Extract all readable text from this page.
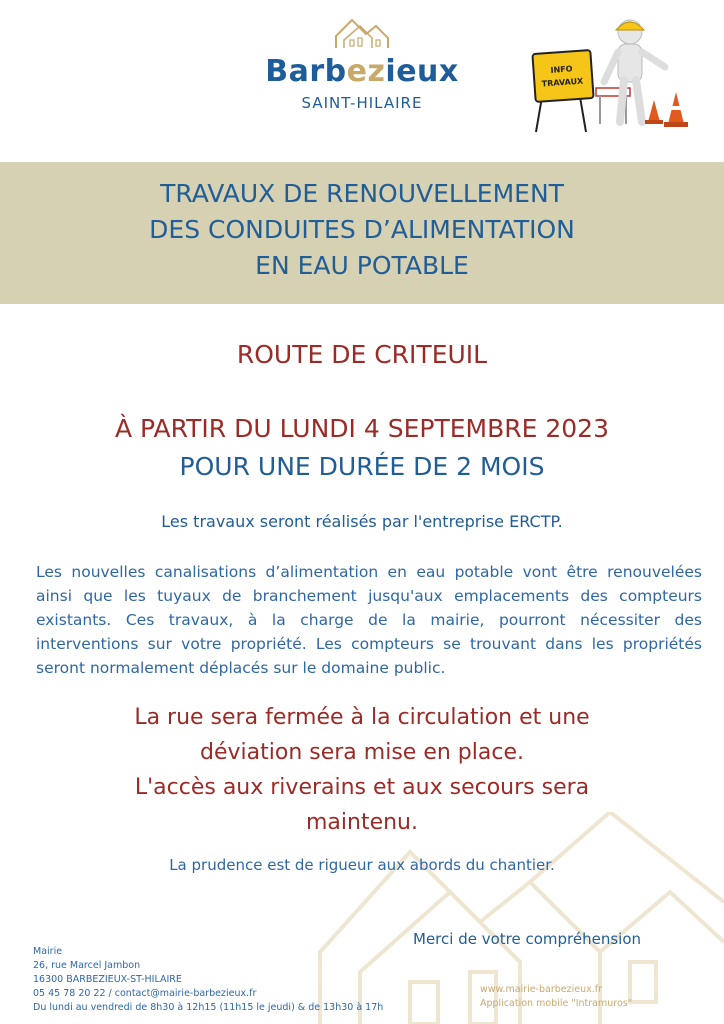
Barbezieux
SAINT-HILAIRE
INFO
TRAVAUX
TRAVAUX DE RENOUVELLEMENT
DES CONDUITES D’ALIMENTATION
EN EAU POTABLE
ROUTE DE CRITEUIL
À PARTIR DU LUNDI 4 SEPTEMBRE 2023
POUR UNE DURÉE DE 2 MOIS
Les travaux seront réalisés par l'entreprise ERCTP.
Les nouvelles canalisations d’alimentation en eau potable vont être renouvelées ainsi que les tuyaux de branchement jusqu'aux emplacements des compteurs existants. Ces travaux, à la charge de la mairie, pourront nécessiter des interventions sur votre propriété. Les compteurs se trouvant dans les propriétés seront normalement déplacés sur le domaine public.
La rue sera fermée à la circulation et une
déviation sera mise en place.
L'accès aux riverains et aux secours sera
maintenu.
La prudence est de rigueur aux abords du chantier.
Merci de votre compréhension
Mairie
26, rue Marcel Jambon
16300 BARBEZIEUX-ST-HILAIRE
05 45 78 20 22 / contact@mairie-barbezieux.fr
Du lundi au vendredi de 8h30 à 12h15 (11h15 le jeudi) & de 13h30 à 17h
www.mairie-barbezieux.fr
Application mobile "Intramuros"
